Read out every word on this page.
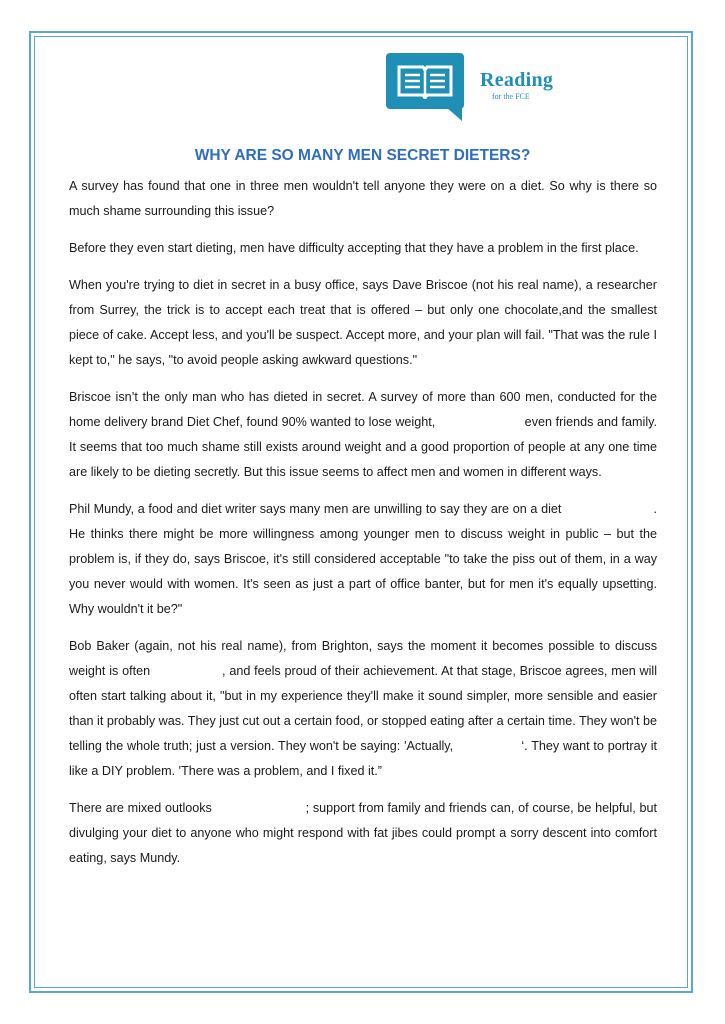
Reading
for the FCE
WHY ARE SO MANY MEN SECRET DIETERS?

A survey has found that one in three men wouldn't tell anyone they were on a diet. So why is there so much shame surrounding this issue?

Before they even start dieting, men have difficulty accepting that they have a problem in the first place.

When you're trying to diet in secret in a busy office, says Dave Briscoe (not his real name), a researcher from Surrey, the trick is to accept each treat that is offered – but only one chocolate,and the smallest piece of cake. Accept less, and you'll be suspect. Accept more, and your plan will fail. "That was the rule I kept to," he says, "to avoid people asking awkward questions."

Briscoe isn’t the only man who has dieted in secret. A survey of more than 600 men, conducted for the home delivery brand Diet Chef, found 90% wanted to lose weight,                         even friends and family. It seems that too much shame still exists around weight and a good proportion of people at any one time are likely to be dieting secretly. But this issue seems to affect men and women in different ways.

Phil Mundy, a food and diet writer says many men are unwilling to say they are on a diet                         . He thinks there might be more willingness among younger men to discuss weight in public – but the problem is, if they do, says Briscoe, it's still considered acceptable "to take the piss out of them, in a way you never would with women. It's seen as just a part of office banter, but for men it's equally upsetting. Why wouldn't it be?"

Bob Baker (again, not his real name), from Brighton, says the moment it becomes possible to discuss weight is often                   , and feels proud of their achievement. At that stage, Briscoe agrees, men will often start talking about it, "but in my experience they'll make it sound simpler, more sensible and easier than it probably was. They just cut out a certain food, or stopped eating after a certain time. They won't be telling the whole truth; just a version. They won't be saying: 'Actually,                  ‘. They want to portray it like a DIY problem. 'There was a problem, and I fixed it.”

There are mixed outlooks                         ; support from family and friends can, of course, be helpful, but divulging your diet to anyone who might respond with fat jibes could prompt a sorry descent into comfort eating, says Mundy.
